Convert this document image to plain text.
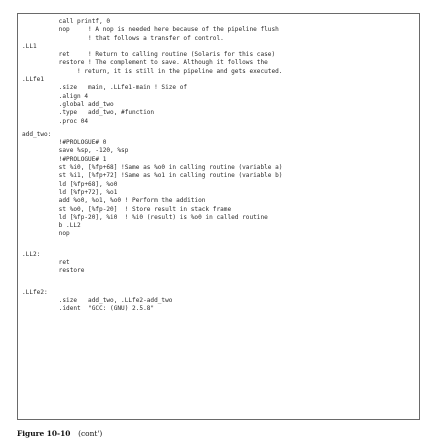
call printf, 0
nop     ! A nop is needed here because of the pipeline flush
! that follows a transfer of control.
.LL1
ret     ! Return to calling routine (Solaris for this case)
restore ! The complement to save. Although it follows the
! return, it is still in the pipeline and gets executed.
.LLfe1
.size   main, .LLfe1-main ! Size of
.align 4
.global add_two
.type   add_two, #function
.proc 04
add_two:
!#PROLOGUE# 0
save %sp, -120, %sp
!#PROLOGUE# 1
st %i0, [%fp+68] !Same as %o0 in calling routine (variable a)
st %i1, [%fp+72] !Same as %o1 in calling routine (variable b)
ld [%fp+68], %o0
ld [%fp+72], %o1
add %o0, %o1, %o0 ! Perform the addition
st %o0, [%fp-20]  ! Store result in stack frame
ld [%fp-20], %i0  ! %i0 (result) is %o0 in called routine
b .LL2
nop
.LL2:
ret
restore
.LLfe2:
.size   add_two, .LLfe2-add_two
.ident  "GCC: (GNU) 2.5.8"
Figure 10-10 (cont')
